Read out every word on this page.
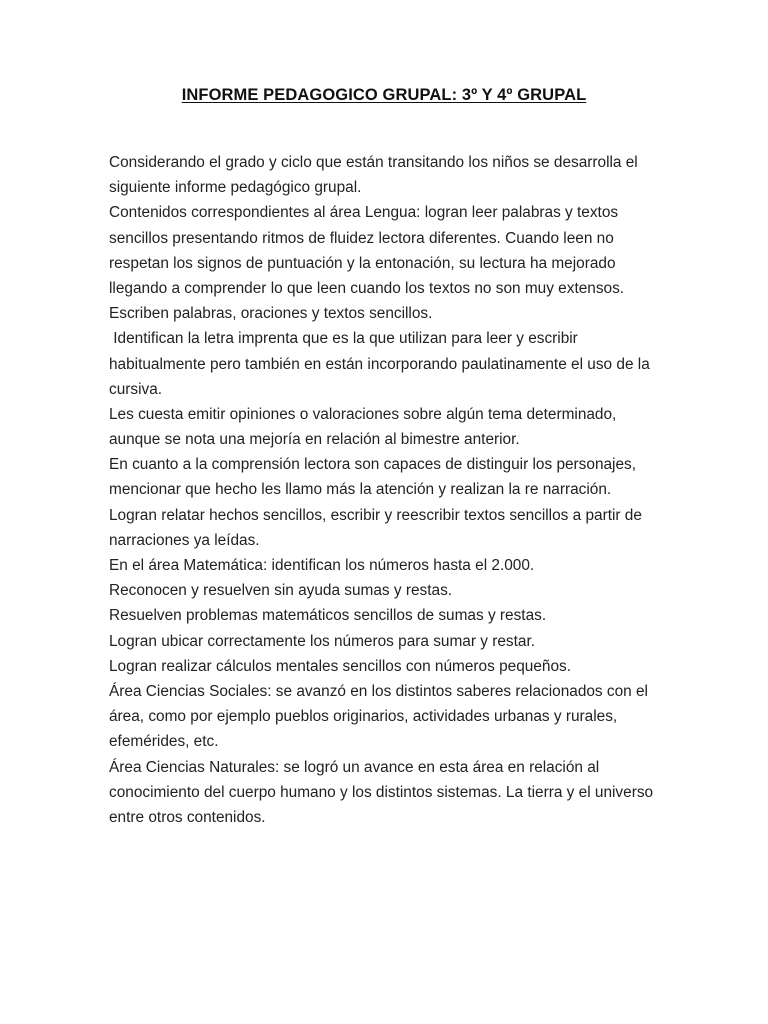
INFORME PEDAGOGICO GRUPAL: 3º Y 4º GRUPAL
Considerando el grado y ciclo que están transitando los niños se desarrolla el
siguiente informe pedagógico grupal.
Contenidos correspondientes al área Lengua: logran leer palabras y textos
sencillos presentando ritmos de fluidez lectora diferentes. Cuando leen no
respetan los signos de puntuación y la entonación, su lectura ha mejorado
llegando a comprender lo que leen cuando los textos no son muy extensos.
Escriben palabras, oraciones y textos sencillos.
Identifican la letra imprenta que es la que utilizan para leer y escribir
habitualmente pero también en están incorporando paulatinamente el uso de la
cursiva.
Les cuesta emitir opiniones o valoraciones sobre algún tema determinado,
aunque se nota una mejoría en relación al bimestre anterior.
En cuanto a la comprensión lectora son capaces de distinguir los personajes,
mencionar que hecho les llamo más la atención y realizan la re narración.
Logran relatar hechos sencillos, escribir y reescribir textos sencillos a partir de
narraciones ya leídas.
En el área Matemática: identifican los números hasta el 2.000.
Reconocen y resuelven sin ayuda sumas y restas.
Resuelven problemas matemáticos sencillos de sumas y restas.
Logran ubicar correctamente los números para sumar y restar.
Logran realizar cálculos mentales sencillos con números pequeños.
Área Ciencias Sociales: se avanzó en los distintos saberes relacionados con el
área, como por ejemplo pueblos originarios, actividades urbanas y rurales,
efemérides, etc.
Área Ciencias Naturales: se logró un avance en esta área en relación al
conocimiento del cuerpo humano y los distintos sistemas. La tierra y el universo
entre otros contenidos.
